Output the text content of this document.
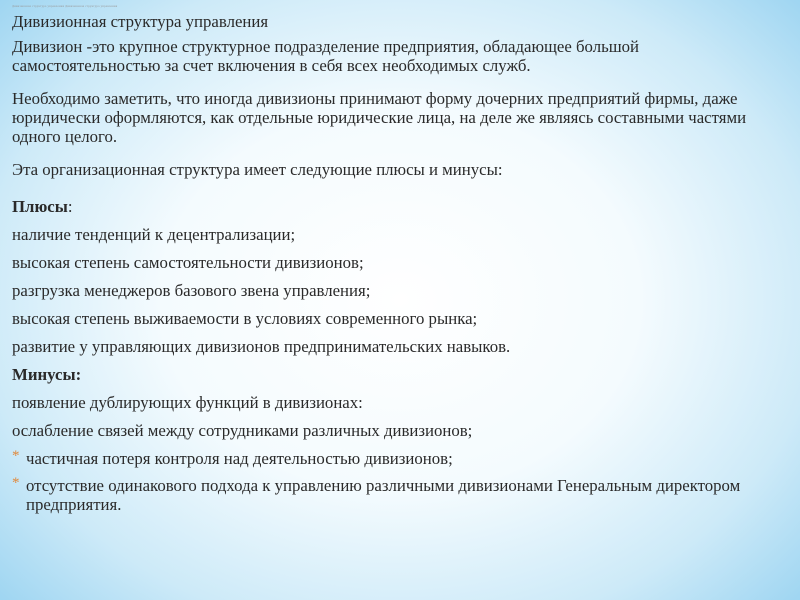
Дивизионная структура управления Дивизионная структура управления

Дивизионная структура управления

Дивизион -это крупное структурное подразделение предприятия, обладающее большой самостоятельностью за счет включения в себя всех необходимых служб.

Необходимо заметить, что иногда дивизионы принимают форму дочерних предприятий фирмы, даже юридически оформляются, как отдельные юридические лица, на деле же являясь составными частями одного целого.

Эта организационная структура имеет следующие плюсы и минусы:

Плюсы:

наличие тенденций к децентрализации;

высокая степень самостоятельности дивизионов;

разгрузка менеджеров базового звена управления;

высокая степень выживаемости в условиях современного рынка;

развитие у управляющих дивизионов предпринимательских навыков.

Минусы:

появление дублирующих функций в дивизионах:

ослабление связей между сотрудниками различных дивизионов;

* частичная потеря контроля над деятельностью дивизионов;
* отсутствие одинакового подхода к управлению различными дивизионами Генеральным директором предприятия.
